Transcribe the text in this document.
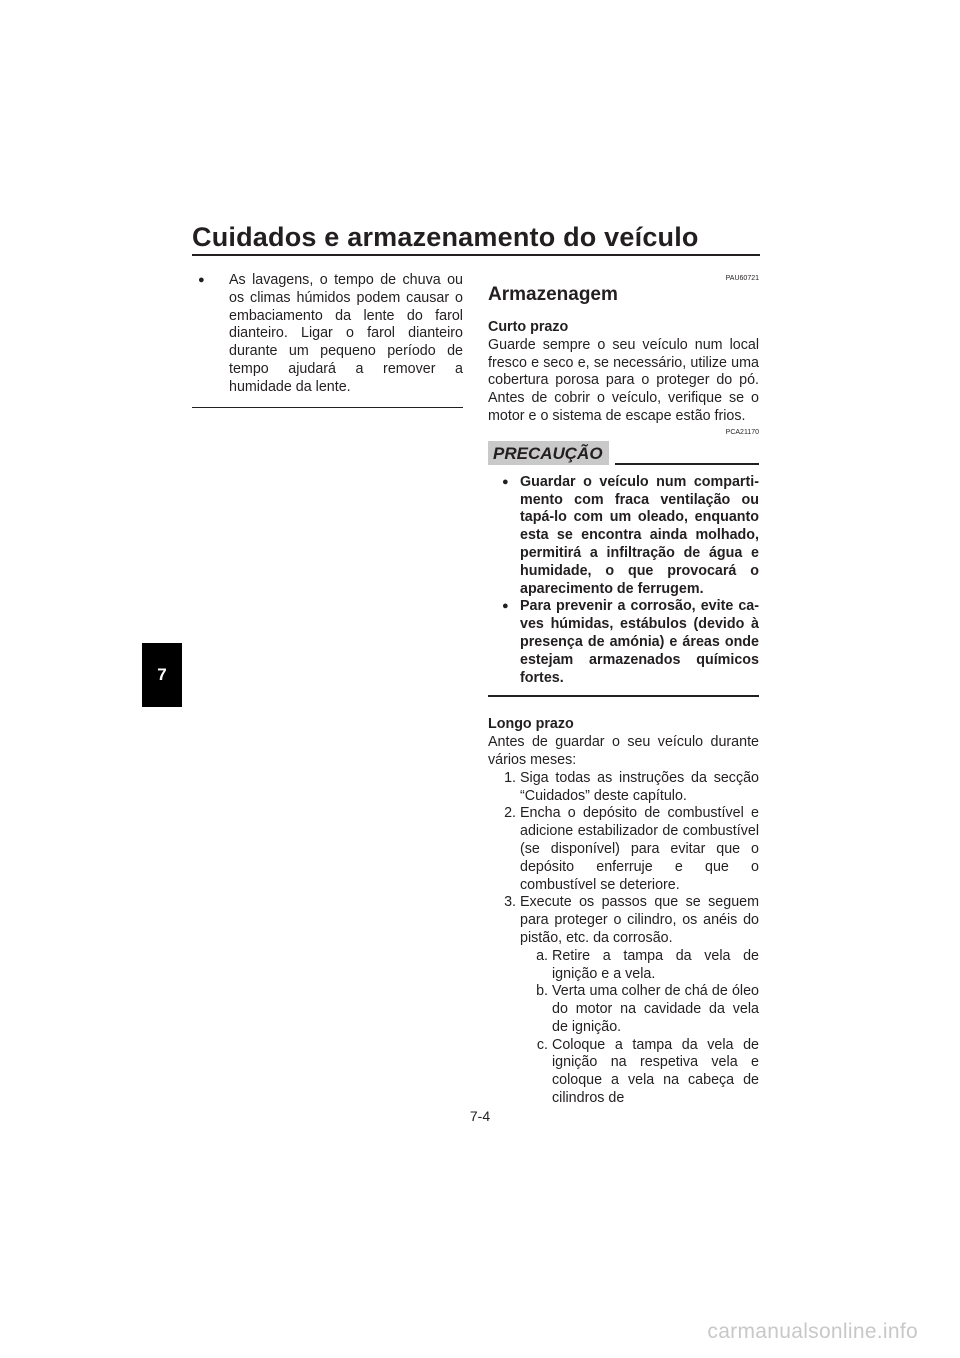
Cuidados e armazenamento do veículo
7
●	As lavagens, o tempo de chuva ou os climas húmidos podem causar o embaciamento da lente do farol dianteiro. Ligar o farol dianteiro durante um pequeno período de tempo ajudará a remover a humidade da lente.
PAU60721
Armazenagem
Curto prazo
Guarde sempre o seu veículo num local fresco e seco e, se necessário, utilize uma cobertura porosa para o proteger do pó. Antes de cobrir o veículo, verifique se o motor e o sistema de escape estão frios.
PCA21170
PRECAUÇÃO
● Guardar o veículo num compartimento com fraca ventilação ou tapá-lo com um oleado, enquanto esta se encontra ainda molhado, permitirá a infiltração de água e humidade, o que provocará o aparecimento de ferrugem.
● Para prevenir a corrosão, evite caves húmidas, estábulos (devido à presença de amónia) e áreas onde estejam armazenados químicos fortes.
Longo prazo
Antes de guardar o seu veículo durante vários meses:
1. Siga todas as instruções da secção “Cuidados” deste capítulo.
2. Encha o depósito de combustível e adicione estabilizador de combustível (se disponível) para evitar que o depósito enferruje e que o combustível se deteriore.
3. Execute os passos que se seguem para proteger o cilindro, os anéis do pistão, etc. da corrosão.
a. Retire a tampa da vela de ignição e a vela.
b. Verta uma colher de chá de óleo do motor na cavidade da vela de ignição.
c. Coloque a tampa da vela de ignição na respetiva vela e coloque a vela na cabeça de cilindros de
7-4
carmanualsonline.info
